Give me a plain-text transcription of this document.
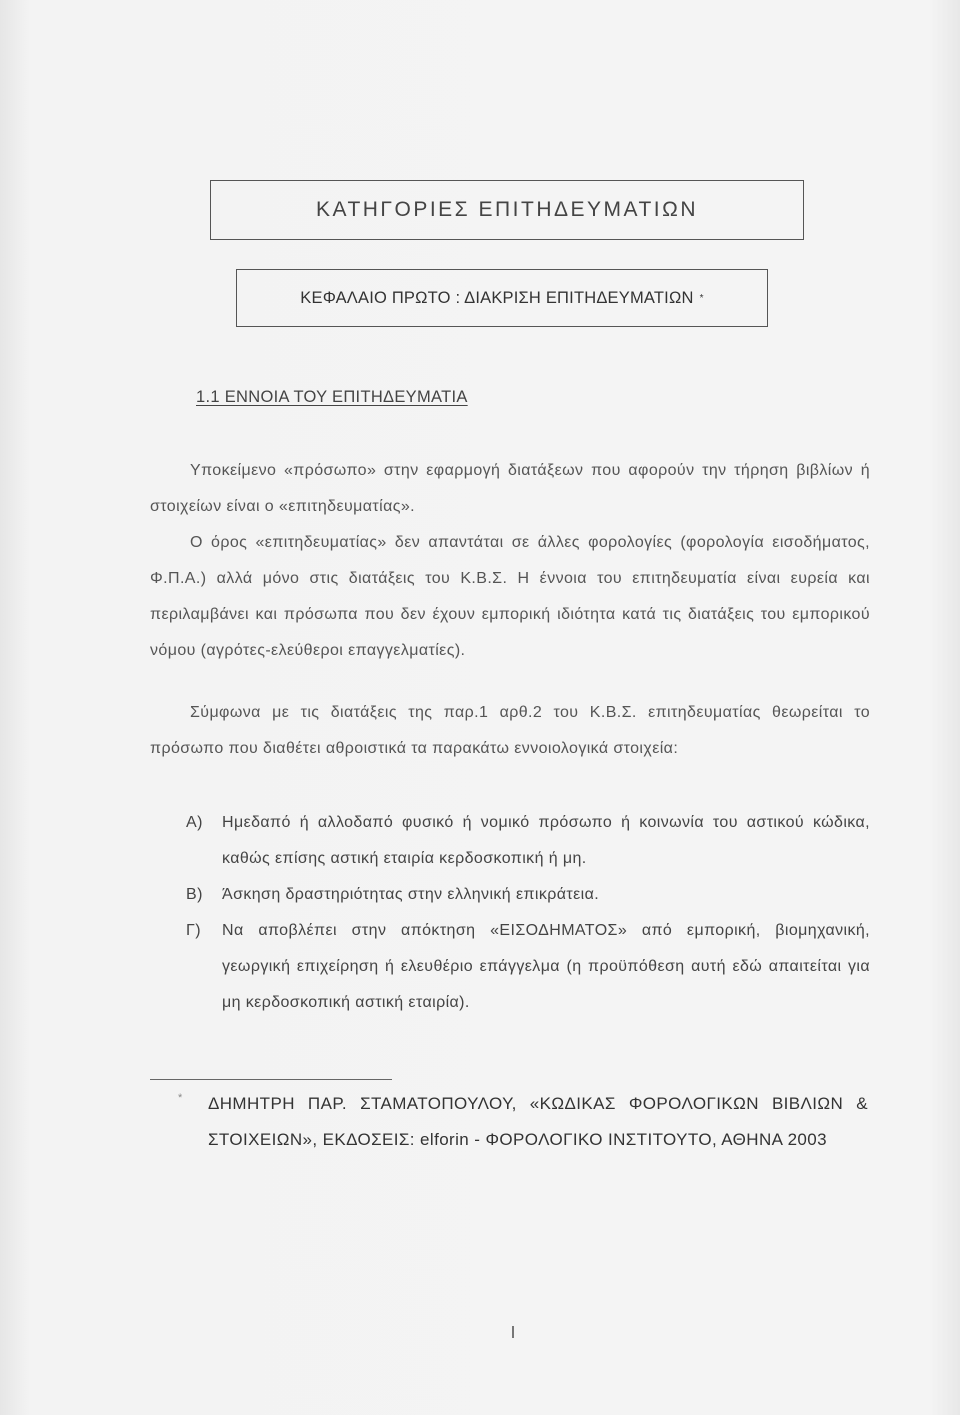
ΚΑΤΗΓΟΡΙΕΣ ΕΠΙΤΗΔΕΥΜΑΤΙΩΝ
ΚΕΦΑΛΑΙΟ ΠΡΩΤΟ : ΔΙΑΚΡΙΣΗ ΕΠΙΤΗΔΕΥΜΑΤΙΩΝ *
1.1 ΕΝΝΟΙΑ ΤΟΥ ΕΠΙΤΗΔΕΥΜΑΤΙΑ

Υποκείμενο «πρόσωπο» στην εφαρμογή διατάξεων που αφορούν την τήρηση βιβλίων ή στοιχείων είναι ο «επιτηδευματίας».

Ο όρος «επιτηδευματίας» δεν απαντάται σε άλλες φορολογίες (φορολογία εισοδήματος, Φ.Π.Α.) αλλά μόνο στις διατάξεις του Κ.Β.Σ. Η έννοια του επιτηδευματία είναι ευρεία και περιλαμβάνει και πρόσωπα που δεν έχουν εμπορική ιδιότητα κατά τις διατάξεις του εμπορικού νόμου (αγρότες-ελεύθεροι επαγγελματίες).

Σύμφωνα με τις διατάξεις της παρ.1 αρθ.2 του Κ.Β.Σ. επιτηδευματίας θεωρείται το πρόσωπο που διαθέτει αθροιστικά τα παρακάτω εννοιολογικά στοιχεία:

Α)	Ημεδαπό ή αλλοδαπό φυσικό ή νομικό πρόσωπο ή κοινωνία του αστικού κώδικα, καθώς επίσης αστική εταιρία κερδοσκοπική ή μη.
Β)	Άσκηση δραστηριότητας στην ελληνική επικράτεια.
Γ)	Να αποβλέπει στην απόκτηση «ΕΙΣΟΔΗΜΑΤΟΣ» από εμπορική, βιομηχανική, γεωργική επιχείρηση ή ελευθέριο επάγγελμα (η προϋπόθεση αυτή εδώ απαιτείται για μη κερδοσκοπική αστική εταιρία).
* ΔΗΜΗΤΡΗ ΠΑΡ. ΣΤΑΜΑΤΟΠΟΥΛΟΥ, «ΚΩΔΙΚΑΣ ΦΟΡΟΛΟΓΙΚΩΝ ΒΙΒΛΙΩΝ & ΣΤΟΙΧΕΙΩΝ», ΕΚΔΟΣΕΙΣ: elforin - ΦΟΡΟΛΟΓΙΚΟ ΙΝΣΤΙΤΟΥΤΟ, ΑΘΗΝΑ 2003
